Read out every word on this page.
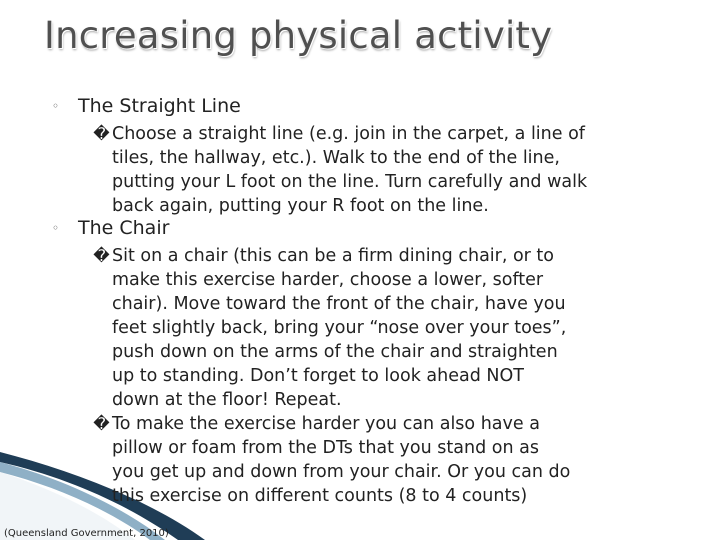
Increasing physical activity
◦ The Straight Line
� Choose a straight line (e.g. join in the carpet, a line of
tiles, the hallway, etc.). Walk to the end of the line,
putting your L foot on the line. Turn carefully and walk
back again, putting your R foot on the line.
◦ The Chair
� Sit on a chair (this can be a firm dining chair, or to
make this exercise harder, choose a lower, softer
chair). Move toward the front of the chair, have you
feet slightly back, bring your “nose over your toes”,
push down on the arms of the chair and straighten
up to standing. Don’t forget to look ahead NOT
down at the floor! Repeat.
� To make the exercise harder you can also have a
pillow or foam from the DTs that you stand on as
you get up and down from your chair. Or you can do
this exercise on different counts (8 to 4 counts)
(Queensland Government, 2010)
